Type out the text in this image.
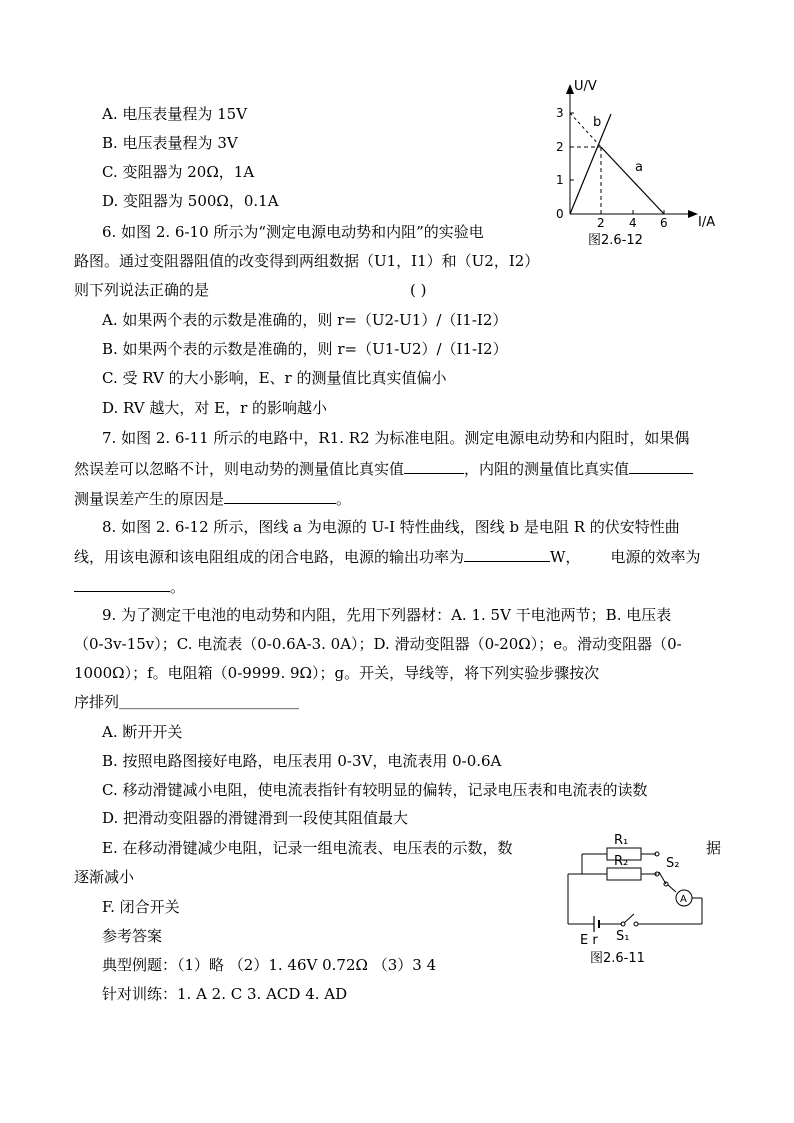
A. 电压表量程为 15V
B. 电压表量程为 3V
C. 变阻器为 20Ω，1A
D. 变阻器为 500Ω，0.1A
6. 如图 2. 6-10 所示为“测定电源电动势和内阻”的实验电
路图。通过变阻器阻值的改变得到两组数据（U1，I1）和（U2，I2）
则下列说法正确的是	( )
A. 如果两个表的示数是准确的，则 r=（U2-U1）/（I1-I2）
B. 如果两个表的示数是准确的，则 r=（U1-U2）/（I1-I2）
C. 受 RV 的大小影响，E、r 的测量值比真实值偏小
D. RV 越大，对 E，r 的影响越小
7. 如图 2. 6-11 所示的电路中，R1. R2 为标准电阻。测定电源电动势和内阻时，如果偶
然误差可以忽略不计，则电动势的测量值比真实值	，内阻的测量值比真实值
测量误差产生的原因是	。
8. 如图 2. 6-12 所示，图线 a 为电源的 U-I 特性曲线，图线 b 是电阻 R 的伏安特性曲
线，用该电源和该电阻组成的闭合电路，电源的输出功率为	W， 电源的效率为
。
9. 为了测定干电池的电动势和内阻，先用下列器材：A. 1. 5V 干电池两节；B. 电压表
（0-3v-15v）；C. 电流表（0-0.6A-3. 0A）；D. 滑动变阻器（0-20Ω）；e。滑动变阻器（0-
1000Ω）；f。电阻箱（0-9999. 9Ω）；g。开关，导线等，将下列实验步骤按次
序排列＿＿＿＿＿＿＿＿＿＿＿＿
A. 断开开关
B. 按照电路图接好电路，电压表用 0-3V，电流表用 0-0.6A
C. 移动滑键减小电阻，使电流表指针有较明显的偏转，记录电压表和电流表的读数
D. 把滑动变阻器的滑键滑到一段使其阻值最大
E. 在移动滑键减少电阻，记录一组电流表、电压表的示数，数	据
逐渐减小
F. 闭合开关
参考答案
典型例题：（1）略 （2）1. 46V 0.72Ω （3）3 4
针对训练：1. A 2. C 3. ACD 4. AD
U/V
I/A
0
3
2
1
2 4 6
b
a
图2.6-12
A
R₁
R₂	S₂
E r S₁
图2.6-11
